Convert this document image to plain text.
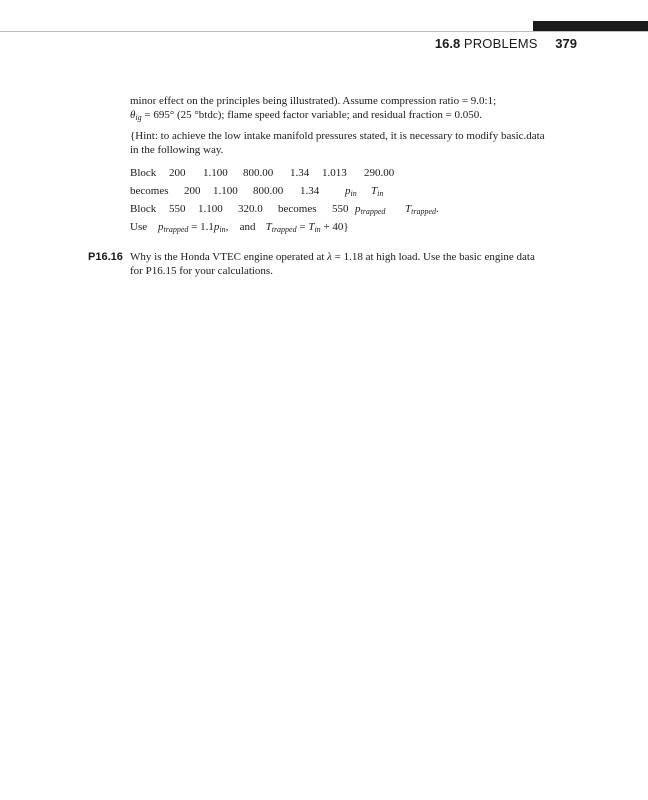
16.8 PROBLEMS 379
minor effect on the principles being illustrated). Assume compression ratio = 9.0:1;
$\theta_{ig} = 695^\circ$ (25 °btdc); flame speed factor variable; and residual fraction = 0.050.
{Hint: to achieve the low intake manifold pressures stated, it is necessary to modify basic.data
in the following way.
Block 200 1.100 800.00 1.34 1.013 290.00
becomes 200 1.100 800.00 1.34 $p_{in}$ $T_{in}$
Block 550 1.100 320.0 becomes 550 $p_{trapped}$ $T_{trapped}$.
Use $p_{trapped} = 1.1p_{in}$, and $T_{trapped} = T_{in} + 40$}
P16.16 Why is the Honda VTEC engine operated at λ = 1.18 at high load. Use the basic engine data
for P16.15 for your calculations.
